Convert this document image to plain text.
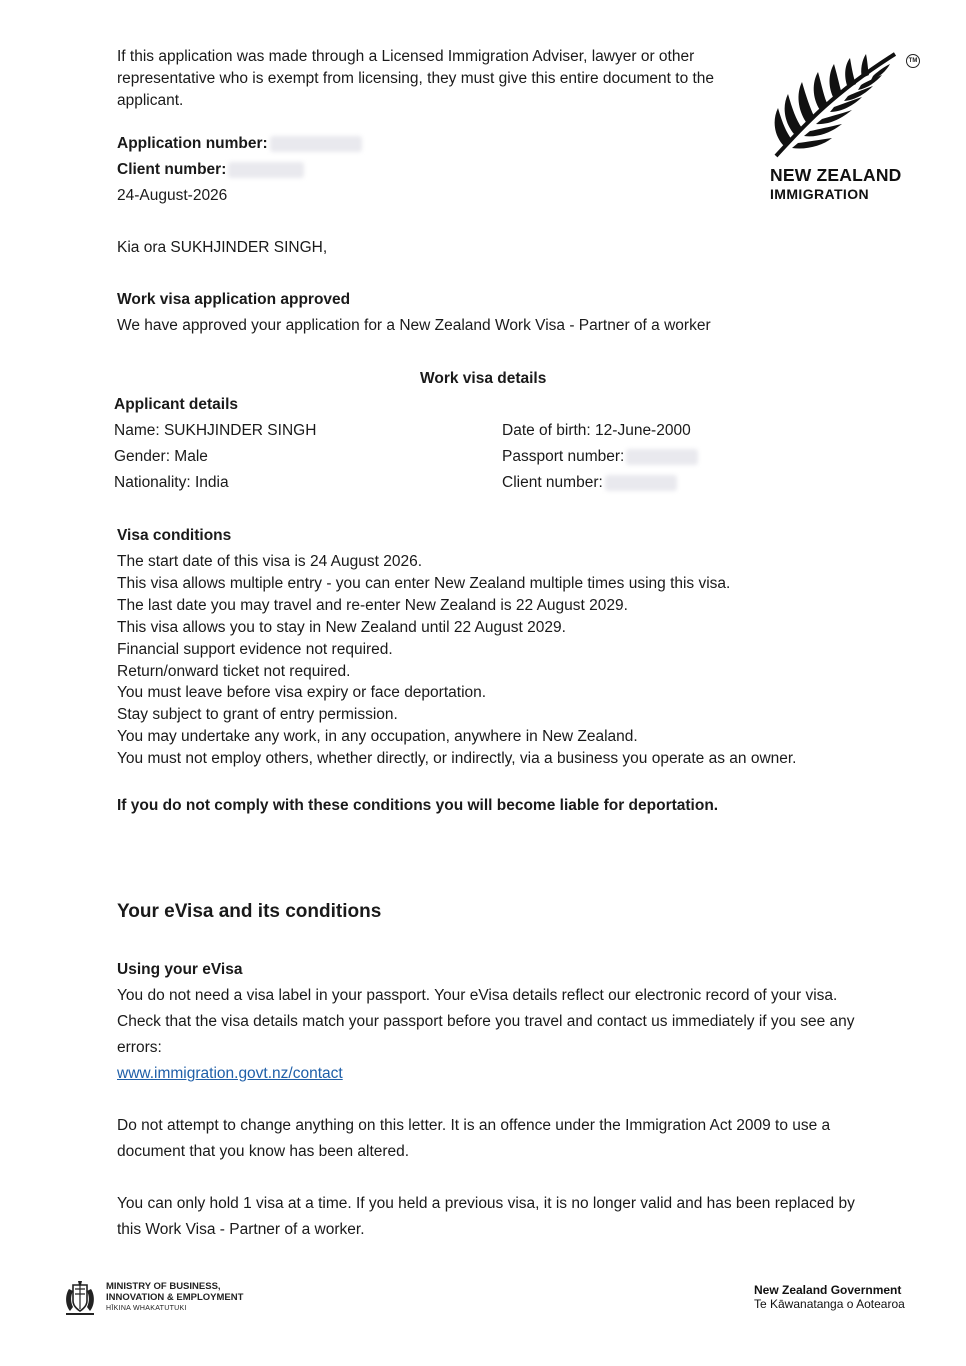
If this application was made through a Licensed Immigration Adviser, lawyer or other representative who is exempt from licensing, they must give this entire document to the applicant.
NEW ZEALAND
IMMIGRATION
TM
Application number:
Client number:
24-August-2026
Kia ora SUKHJINDER SINGH,
Work visa application approved
We have approved your application for a New Zealand Work Visa - Partner of a worker
Work visa details
Applicant details
Name: SUKHJINDER SINGH
Gender: Male
Nationality: India
Date of birth: 12-June-2000
Passport number:
Client number:
Visa conditions
The start date of this visa is 24 August 2026.
This visa allows multiple entry - you can enter New Zealand multiple times using this visa.
The last date you may travel and re-enter New Zealand is 22 August 2029.
This visa allows you to stay in New Zealand until 22 August 2029.
Financial support evidence not required.
Return/onward ticket not required.
You must leave before visa expiry or face deportation.
Stay subject to grant of entry permission.
You may undertake any work, in any occupation, anywhere in New Zealand.
You must not employ others, whether directly, or indirectly, via a business you operate as an owner.
If you do not comply with these conditions you will become liable for deportation.
Your eVisa and its conditions
Using your eVisa
You do not need a visa label in your passport. Your eVisa details reflect our electronic record of your visa. Check that the visa details match your passport before you travel and contact us immediately if you see any errors:
www.immigration.govt.nz/contact
Do not attempt to change anything on this letter. It is an offence under the Immigration Act 2009 to use a document that you know has been altered.
You can only hold 1 visa at a time. If you held a previous visa, it is no longer valid and has been replaced by this Work Visa - Partner of a worker.
MINISTRY OF BUSINESS,
INNOVATION & EMPLOYMENT
HĪKINA WHAKATUTUKI
New Zealand Government
Te Kāwanatanga o Aotearoa
